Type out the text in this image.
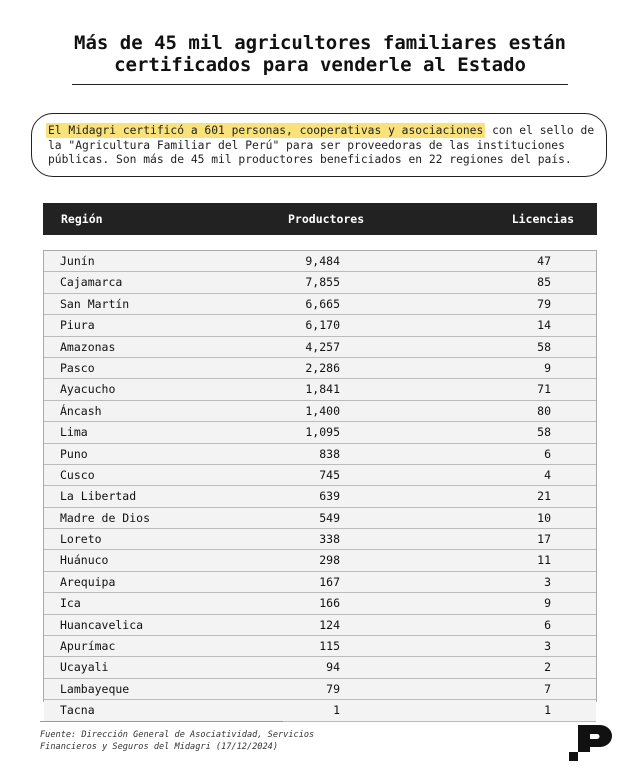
Más de 45 mil agricultores familiares están certificados para venderle al Estado
El Midagri certificó a 601 personas, cooperativas y asociaciones con el sello de la "Agricultura Familiar del Perú" para ser proveedoras de las instituciones públicas. Son más de 45 mil productores beneficiados en 22 regiones del país.
Región	Productores	Licencias
Junín	9,484	47
Cajamarca	7,855	85
San Martín	6,665	79
Piura	6,170	14
Amazonas	4,257	58
Pasco	2,286	9
Ayacucho	1,841	71
Áncash	1,400	80
Lima	1,095	58
Puno	838	6
Cusco	745	4
La Libertad	639	21
Madre de Dios	549	10
Loreto	338	17
Huánuco	298	11
Arequipa	167	3
Ica	166	9
Huancavelica	124	6
Apurímac	115	3
Ucayali	94	2
Lambayeque	79	7
Tacna	1	1
Fuente: Dirección General de Asociatividad, Servicios Financieros y Seguros del Midagri (17/12/2024)
